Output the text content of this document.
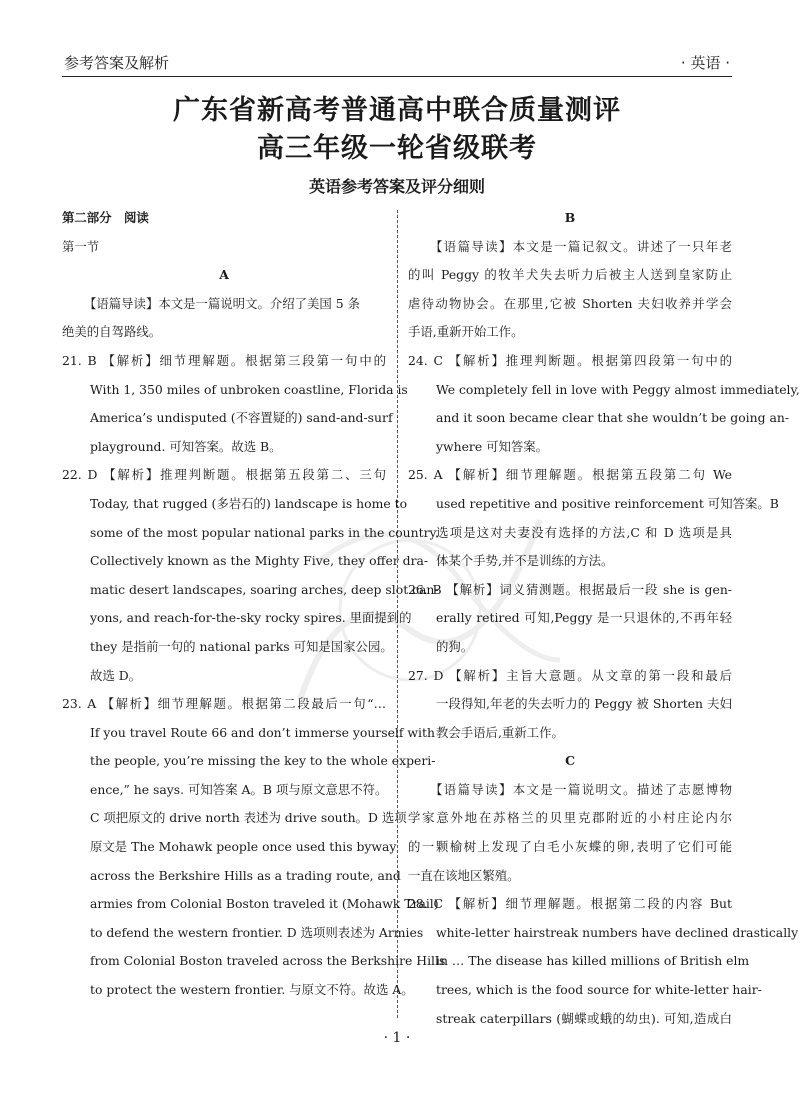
参考答案及解析	· 英语 ·
广东省新高考普通高中联合质量测评
高三年级一轮省级联考
英语参考答案及评分细则
第二部分　阅读
第一节
A
【语篇导读】本文是一篇说明文。介绍了美国 5 条
绝美的自驾路线。
21. B 【解析】细节理解题。根据第三段第一句中的
With 1, 350 miles of unbroken coastline, Florida is
America’s undisputed (不容置疑的) sand-and-surf
playground. 可知答案。故选 B。
22. D 【解析】推理判断题。根据第五段第二、三句
Today, that rugged (多岩石的) landscape is home to
some of the most popular national parks in the country.
Collectively known as the Mighty Five, they offer dra-
matic desert landscapes, soaring arches, deep slot can-
yons, and reach-for-the-sky rocky spires. 里面提到的
they 是指前一句的 national parks 可知是国家公园。
故选 D。
23. A 【解析】细节理解题。根据第二段最后一句“…
If you travel Route 66 and don’t immerse yourself with
the people, you’re missing the key to the whole experi-
ence,” he says. 可知答案 A。B 项与原文意思不符。
C 项把原文的 drive north 表述为 drive south。D 选项
原文是 The Mohawk people once used this byway
across the Berkshire Hills as a trading route, and
armies from Colonial Boston traveled it (Mohawk Trail)
to defend the western frontier. D 选项则表述为 Armies
from Colonial Boston traveled across the Berkshire Hills
to protect the western frontier. 与原文不符。故选 A。
B
【语篇导读】本文是一篇记叙文。讲述了一只年老
的叫 Peggy 的牧羊犬失去听力后被主人送到皇家防止
虐待动物协会。在那里,它被 Shorten 夫妇收养并学会
手语,重新开始工作。
24. C 【解析】推理判断题。根据第四段第一句中的
We completely fell in love with Peggy almost immediately,
and it soon became clear that she wouldn’t be going an-
ywhere 可知答案。
25. A 【解析】细节理解题。根据第五段第二句 We
used repetitive and positive reinforcement 可知答案。B
选项是这对夫妻没有选择的方法,C 和 D 选项是具
体某个手势,并不是训练的方法。
26. B 【解析】词义猜测题。根据最后一段 she is gen-
erally retired 可知,Peggy 是一只退休的,不再年轻
的狗。
27. D 【解析】主旨大意题。从文章的第一段和最后
一段得知,年老的失去听力的 Peggy 被 Shorten 夫妇
教会手语后,重新工作。
C
【语篇导读】本文是一篇说明文。描述了志愿博物
学家意外地在苏格兰的贝里克郡附近的小村庄论内尔
的一颗榆树上发现了白毛小灰蝶的卵,表明了它们可能
一直在该地区繁殖。
28. C 【解析】细节理解题。根据第二段的内容 But
white-letter hairstreak numbers have declined drastically
in … The disease has killed millions of British elm
trees, which is the food source for white-letter hair-
streak caterpillars (蝴蝶或蛾的幼虫). 可知,造成白
· 1 ·
